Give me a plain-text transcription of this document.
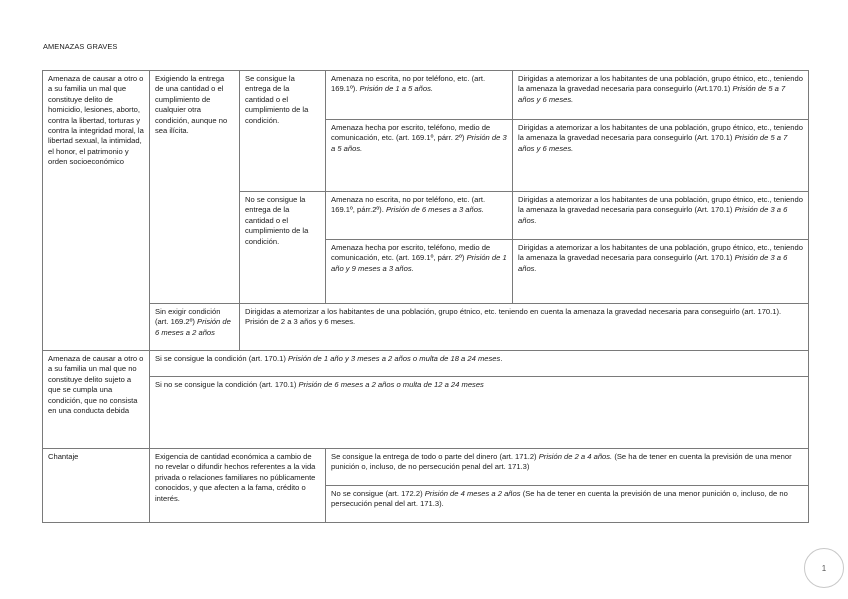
AMENAZAS GRAVES
Amenaza de causar a otro o a su familia un mal que constituye delito de homicidio, lesiones, aborto, contra la libertad, torturas y contra la integridad moral, la libertad sexual, la intimidad, el honor, el patrimonio y orden socioeconómico	Exigiendo la entrega de una cantidad o el cumplimiento de cualquier otra condición, aunque no sea ilícita.	Se consigue la entrega de la cantidad o el cumplimiento de la condición.	Amenaza no escrita, no por teléfono, etc. (art. 169.1º). Prisión de 1 a 5 años.	Dirigidas a atemorizar a los habitantes de una población, grupo étnico, etc., teniendo la amenaza la gravedad necesaria para conseguirlo (Art.170.1) Prisión de 5 a 7 años y 6 meses.
			Amenaza hecha por escrito, teléfono, medio de comunicación, etc. (art. 169.1º, párr. 2º) Prisión de 3 a 5 años.	Dirigidas a atemorizar a los habitantes de una población, grupo étnico, etc., teniendo la amenaza la gravedad necesaria para conseguirlo (Art. 170.1) Prisión de 5 a 7 años y 6 meses.
		No se consigue la entrega de la cantidad o el cumplimiento de la condición.	Amenaza no escrita, no por teléfono, etc. (art. 169.1º, párr.2º). Prisión de 6 meses a 3 años.	Dirigidas a atemorizar a los habitantes de una población, grupo étnico, etc., teniendo la amenaza la gravedad necesaria para conseguirlo (Art. 170.1) Prisión de 3 a 6 años.
			Amenaza hecha por escrito, teléfono, medio de comunicación, etc. (art. 169.1º, párr. 2º) Prisión de 1 año y 9 meses a 3 años.	Dirigidas a atemorizar a los habitantes de una población, grupo étnico, etc., teniendo la amenaza la gravedad necesaria para conseguirlo (Art. 170.1) Prisión de 3 a 6 años.
	Sin exigir condición (art. 169.2º) Prisión de 6 meses a 2 años	Dirigidas a atemorizar a los habitantes de una población, grupo étnico, etc. teniendo en cuenta la amenaza la gravedad necesaria para conseguirlo (art. 170.1). Prisión de 2 a 3 años y 6 meses.		
Amenaza de causar a otro o a su familia un mal que no constituye delito sujeto a que se cumpla una condición, que no consista en una conducta debida	Si se consigue la condición (art. 170.1) Prisión de 1 año y 3 meses a 2 años o multa de 18 a 24 meses.			
	Si no se consigue la condición (art. 170.1) Prisión de 6 meses a 2 años o multa de 12 a 24 meses			
Chantaje	Exigencia de cantidad económica a cambio de no revelar o difundir hechos referentes a la vida privada o relaciones familiares no públicamente conocidos, y que afecten a la fama, crédito o interés.		Se consigue la entrega de todo o parte del dinero (art. 171.2) Prisión de 2 a 4 años. (Se ha de tener en cuenta la previsión de una menor punición o, incluso, de no persecución penal del art. 171.3)	
			No se consigue (art. 172.2) Prisión de 4 meses a 2 años (Se ha de tener en cuenta la previsión de una menor punición o, incluso, de no persecución penal del art. 171.3).	
1
